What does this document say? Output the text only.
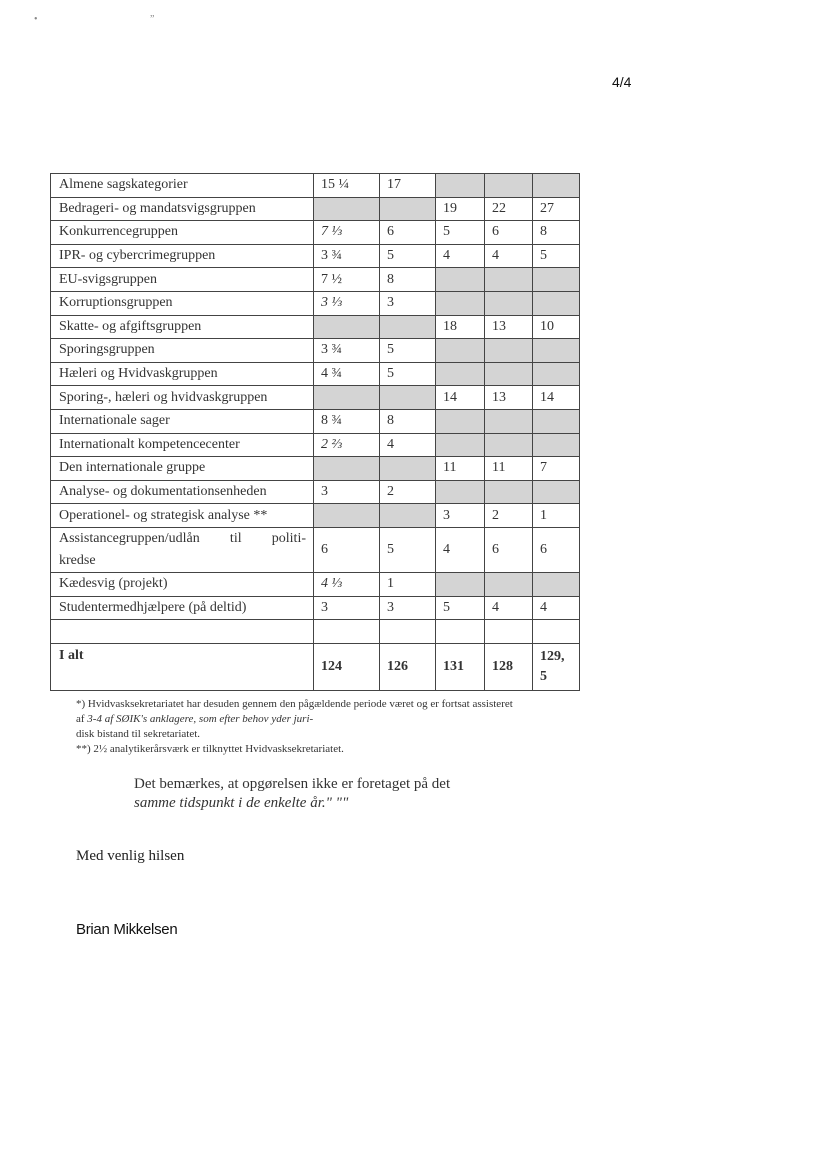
• ˮ
4/4
Almene sagskategorier	15 ¼	17			
Bedrageri- og mandatsvigsgruppen			19	22	27
Konkurrencegruppen	7 ⅓	6	5	6	8
IPR- og cybercrimegruppen	3 ¾	5	4	4	5
EU-svigsgruppen	7 ½	8			
Korruptionsgruppen	3 ⅓	3			
Skatte- og afgiftsgruppen			18	13	10
Sporingsgruppen	3 ¾	5			
Hæleri og Hvidvaskgruppen	4 ¾	5			
Sporing-, hæleri og hvidvaskgruppen			14	13	14
Internationale sager	8 ¾	8			
Internationalt kompetencecenter	2 ⅔	4			
Den internationale gruppe			11	11	7
Analyse- og dokumentationsenheden	3	2			
Operationel- og strategisk analyse **			3	2	1

Assistancegruppen/udlån til politi-
kredse	6	5	4	6	6
Kædesvig (projekt)	4 ⅓	1			
Studentermedhjælpere (på deltid)	3	3	5	4	4

I alt	124	126	131	128	129,
5

*) Hvidvasksekretariatet har desuden gennem den pågældende periode været og er fortsat assisteret af 3-4 af SØIK's anklagere, som efter behov yder juri-
disk bistand til sekretariatet.

**) 2½ analytikerårsværk er tilknyttet Hvidvasksekretariatet.

Det bemærkes, at opgørelsen ikke er foretaget på det

samme tidspunkt i de enkelte år." ""

Med venlig hilsen
Brian Mikkelsen
